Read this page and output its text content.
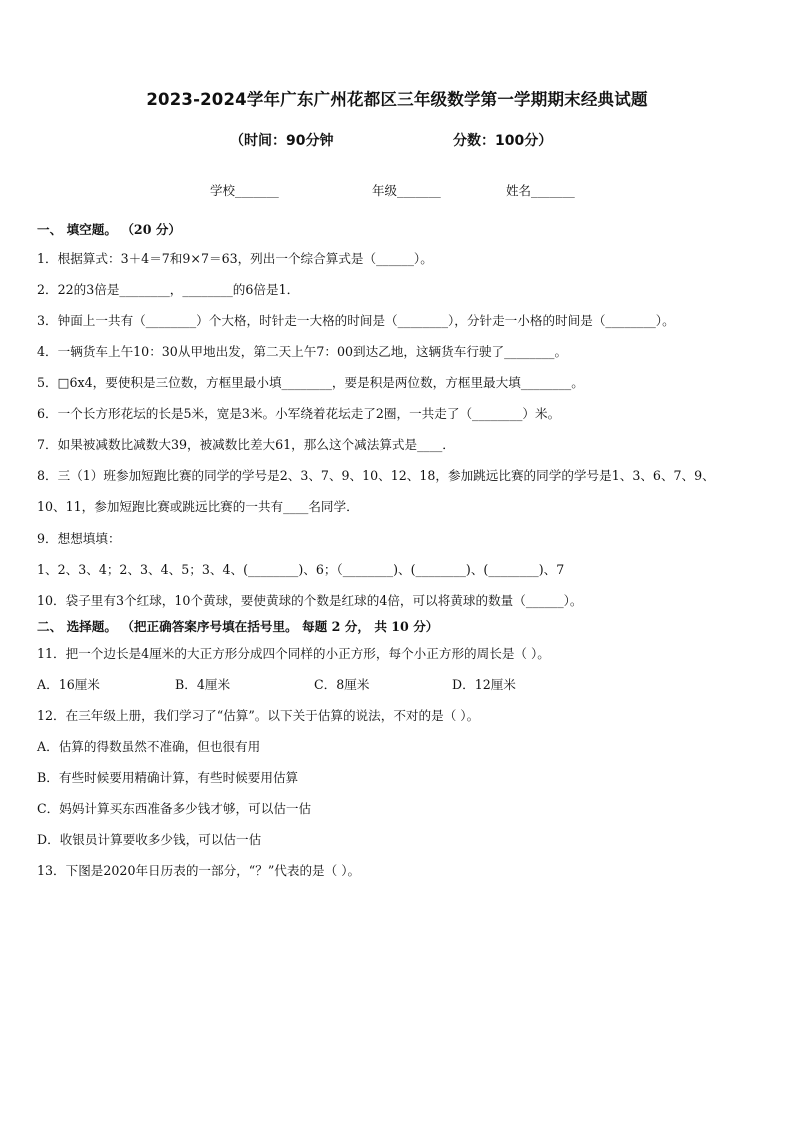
2023-2024学年广东广州花都区三年级数学第一学期期末经典试题
（时间：90分钟	分数：100分）
学校_______	年级_______	姓名_______
一、 填空题。 （20 分）
1．根据算式：3＋4＝7和9×7＝63，列出一个综合算式是（______）。
2．22的3倍是________，________的6倍是1．
3．钟面上一共有（________）个大格，时针走一大格的时间是（________），分针走一小格的时间是（________）。
4．一辆货车上午10：30从甲地出发，第二天上午7：00到达乙地，这辆货车行驶了________。
5．□6x4，要使积是三位数，方框里最小填________，要是积是两位数，方框里最大填________。
6．一个长方形花坛的长是5米，宽是3米。小军绕着花坛走了2圈，一共走了（________）米。
7．如果被减数比减数大39，被减数比差大61，那么这个减法算式是____．
8．三（1）班参加短跑比赛的同学的学号是2、3、7、9、10、12、18，参加跳远比赛的同学的学号是1、3、6、7、9、
10、11，参加短跑比赛或跳远比赛的一共有____名同学．
9．想想填填：
1、2、3、4；2、3、4、5；3、4、(________)、6；（________)、(________)、(________)、7
10．袋子里有3个红球，10个黄球，要使黄球的个数是红球的4倍，可以将黄球的数量（______）。
二、 选择题。 （把正确答案序号填在括号里。 每题 2 分， 共 10 分）
11．把一个边长是4厘米的大正方形分成四个同样的小正方形，每个小正方形的周长是（ ）。
A．16厘米	B．4厘米	C．8厘米	D．12厘米
12．在三年级上册，我们学习了“估算”。以下关于估算的说法，不对的是（ ）。
A．估算的得数虽然不准确，但也很有用
B．有些时候要用精确计算，有些时候要用估算
C．妈妈计算买东西准备多少钱才够，可以估一估
D．收银员计算要收多少钱，可以估一估
13．下图是2020年日历表的一部分，“？”代表的是（ ）。
